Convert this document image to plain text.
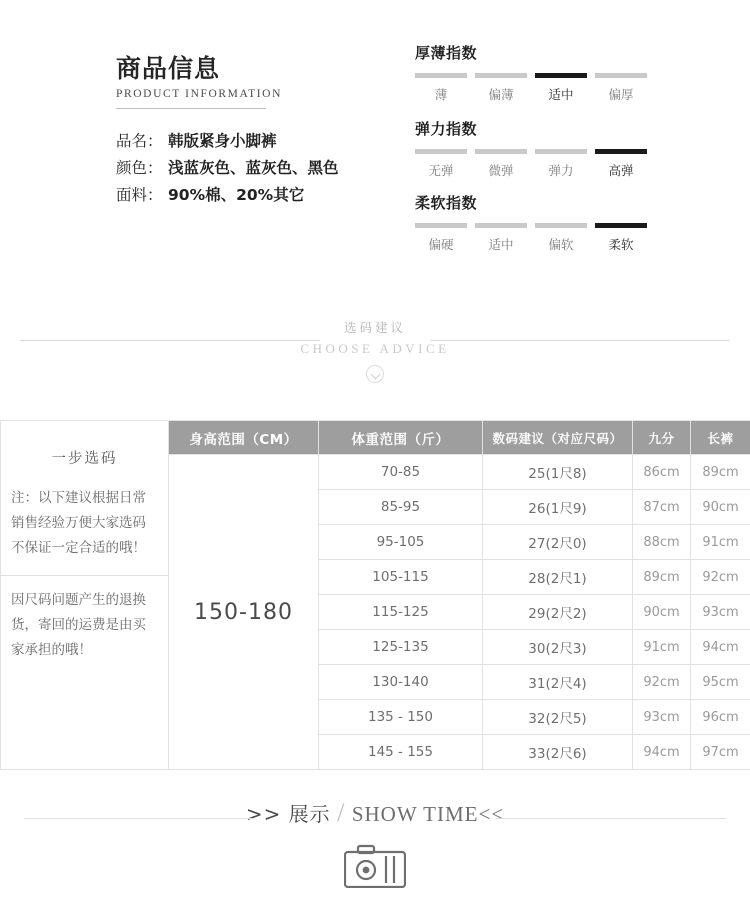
商品信息
PRODUCT INFORMATION
品名： 韩版紧身小脚裤
颜色： 浅蓝灰色、蓝灰色、黑色
面料： 90%棉、20%其它
厚薄指数
薄	偏薄	适中	偏厚
弹力指数
无弹	微弹	弹力	高弹
柔软指数
偏硬	适中	偏软	柔软
选码建议
CHOOSE ADVICE
一步选码
注：以下建议根据日常销售经验万便大家选码不保证一定合适的哦！
因尺码问题产生的退换货，寄回的运费是由买家承担的哦！	身高范围（CM）	体重范围（斤）	数码建议（对应尺码）	九分	长裤
	150-180	70-85	25(1尺8)	86cm	89cm
		85-95	26(1尺9)	87cm	90cm
		95-105	27(2尺0)	88cm	91cm
		105-115	28(2尺1)	89cm	92cm
		115-125	29(2尺2)	90cm	93cm
		125-135	30(2尺3)	91cm	94cm
		130-140	31(2尺4)	92cm	95cm
		135 - 150	32(2尺5)	93cm	96cm
		145 - 155	33(2尺6)	94cm	97cm
>> 展示 / SHOW TIME<<
